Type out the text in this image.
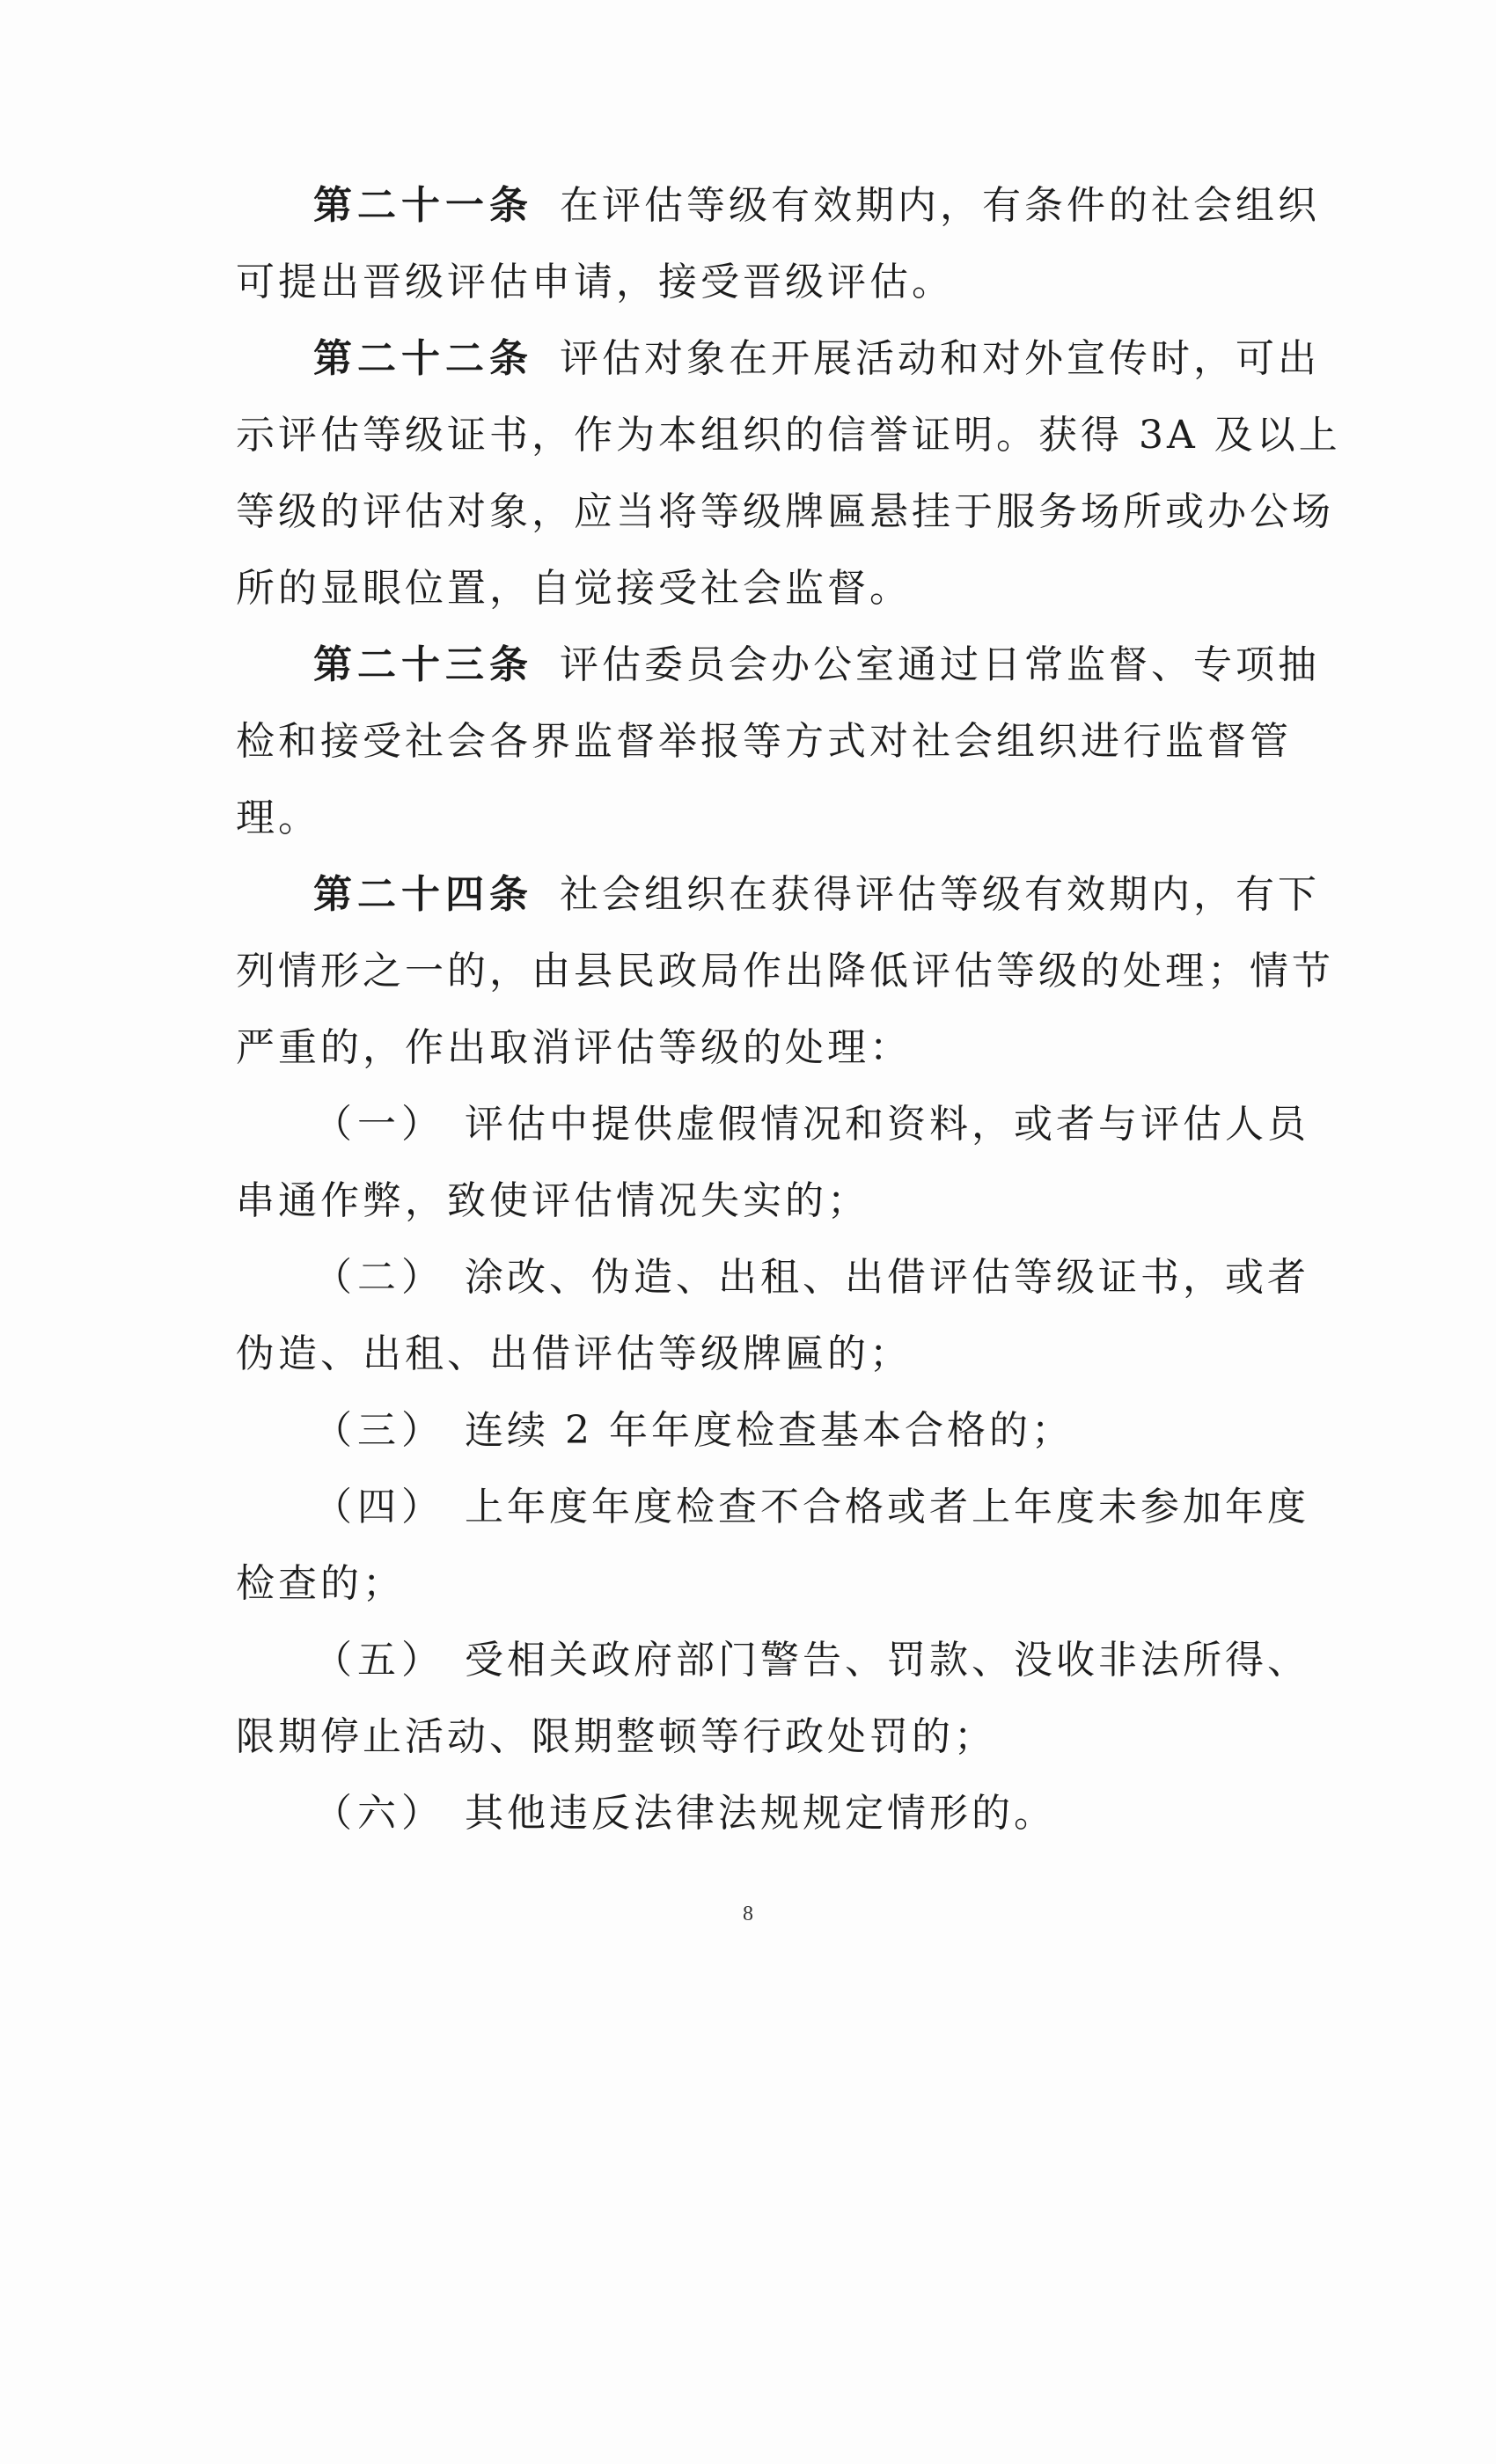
第二十一条 在评估等级有效期内，有条件的社会组织
可提出晋级评估申请，接受晋级评估。
第二十二条 评估对象在开展活动和对外宣传时，可出
示评估等级证书，作为本组织的信誉证明。获得 3A 及以上
等级的评估对象，应当将等级牌匾悬挂于服务场所或办公场
所的显眼位置，自觉接受社会监督。
第二十三条 评估委员会办公室通过日常监督、专项抽
检和接受社会各界监督举报等方式对社会组织进行监督管
理。
第二十四条 社会组织在获得评估等级有效期内，有下
列情形之一的，由县民政局作出降低评估等级的处理；情节
严重的，作出取消评估等级的处理：
（一） 评估中提供虚假情况和资料，或者与评估人员
串通作弊，致使评估情况失实的；
（二） 涂改、伪造、出租、出借评估等级证书，或者
伪造、出租、出借评估等级牌匾的；
（三） 连续 2 年年度检查基本合格的；
（四） 上年度年度检查不合格或者上年度未参加年度
检查的；
（五） 受相关政府部门警告、罚款、没收非法所得、
限期停止活动、限期整顿等行政处罚的；
（六） 其他违反法律法规规定情形的。
8
